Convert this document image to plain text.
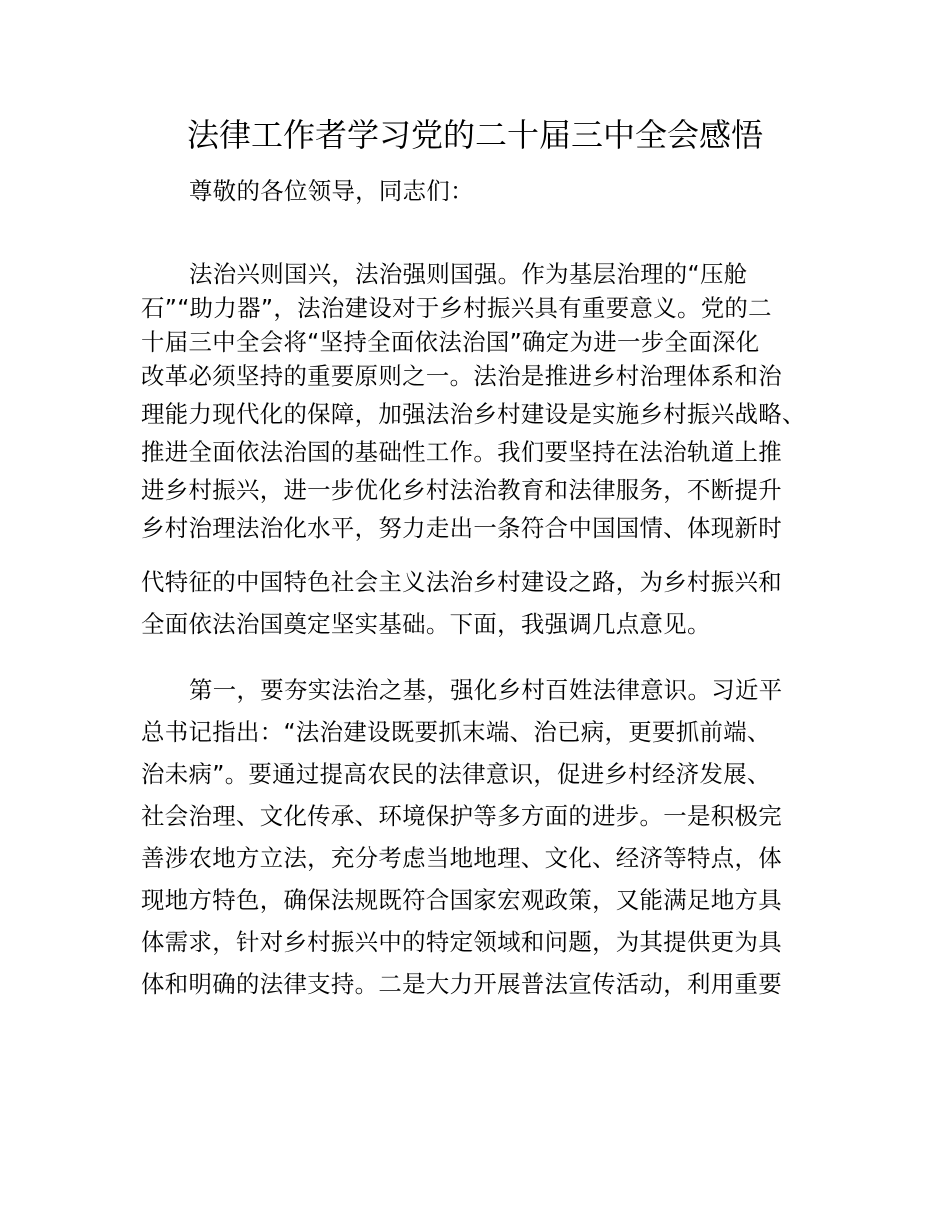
法律工作者学习党的二十届三中全会感悟
尊敬的各位领导，同志们：
法治兴则国兴，法治强则国强。作为基层治理的“压舱
石”“助力器”，法治建设对于乡村振兴具有重要意义。党的二
十届三中全会将“坚持全面依法治国”确定为进一步全面深化
改革必须坚持的重要原则之一。法治是推进乡村治理体系和治
理能力现代化的保障，加强法治乡村建设是实施乡村振兴战略、
推进全面依法治国的基础性工作。我们要坚持在法治轨道上推
进乡村振兴，进一步优化乡村法治教育和法律服务，不断提升
乡村治理法治化水平，努力走出一条符合中国国情、体现新时
代特征的中国特色社会主义法治乡村建设之路，为乡村振兴和
全面依法治国奠定坚实基础。下面，我强调几点意见。
第一，要夯实法治之基，强化乡村百姓法律意识。习近平
总书记指出：“法治建设既要抓末端、治已病，更要抓前端、
治未病”。要通过提高农民的法律意识，促进乡村经济发展、
社会治理、文化传承、环境保护等多方面的进步。一是积极完
善涉农地方立法，充分考虑当地地理、文化、经济等特点，体
现地方特色，确保法规既符合国家宏观政策，又能满足地方具
体需求，针对乡村振兴中的特定领域和问题，为其提供更为具
体和明确的法律支持。二是大力开展普法宣传活动，利用重要
